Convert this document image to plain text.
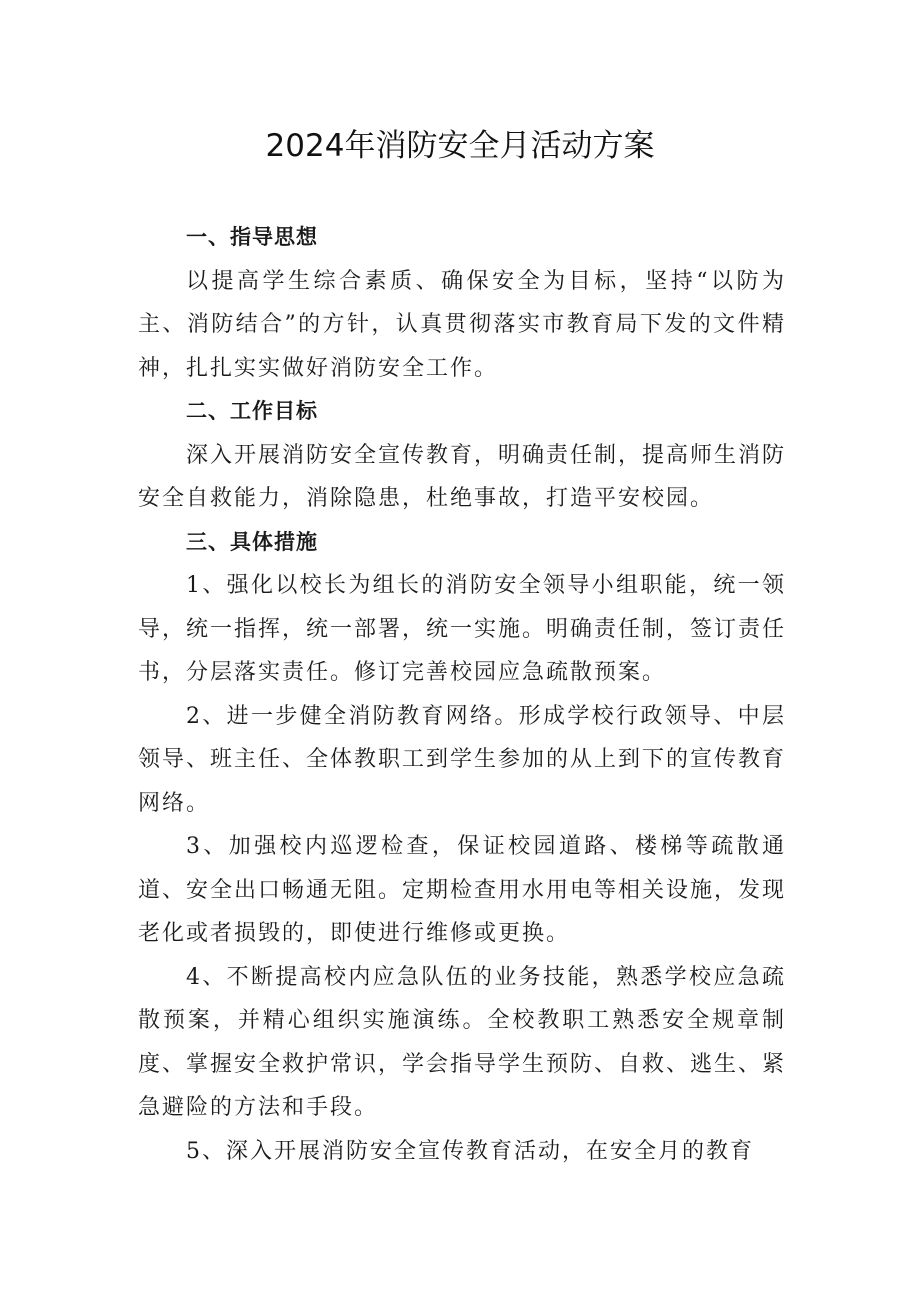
2024年消防安全月活动方案

一、指导思想

以提高学生综合素质、确保安全为目标，坚持“以防为主、消防结合”的方针，认真贯彻落实市教育局下发的文件精神，扎扎实实做好消防安全工作。

二、工作目标

深入开展消防安全宣传教育，明确责任制，提高师生消防安全自救能力，消除隐患，杜绝事故，打造平安校园。

三、具体措施

1、强化以校长为组长的消防安全领导小组职能，统一领导，统一指挥，统一部署，统一实施。明确责任制，签订责任书，分层落实责任。修订完善校园应急疏散预案。

2、进一步健全消防教育网络。形成学校行政领导、中层领导、班主任、全体教职工到学生参加的从上到下的宣传教育网络。

3、加强校内巡逻检查，保证校园道路、楼梯等疏散通道、安全出口畅通无阻。定期检查用水用电等相关设施，发现老化或者损毁的，即使进行维修或更换。

4、不断提高校内应急队伍的业务技能，熟悉学校应急疏散预案，并精心组织实施演练。全校教职工熟悉安全规章制度、掌握安全救护常识，学会指导学生预防、自救、逃生、紧急避险的方法和手段。

5、深入开展消防安全宣传教育活动，在安全月的教育
